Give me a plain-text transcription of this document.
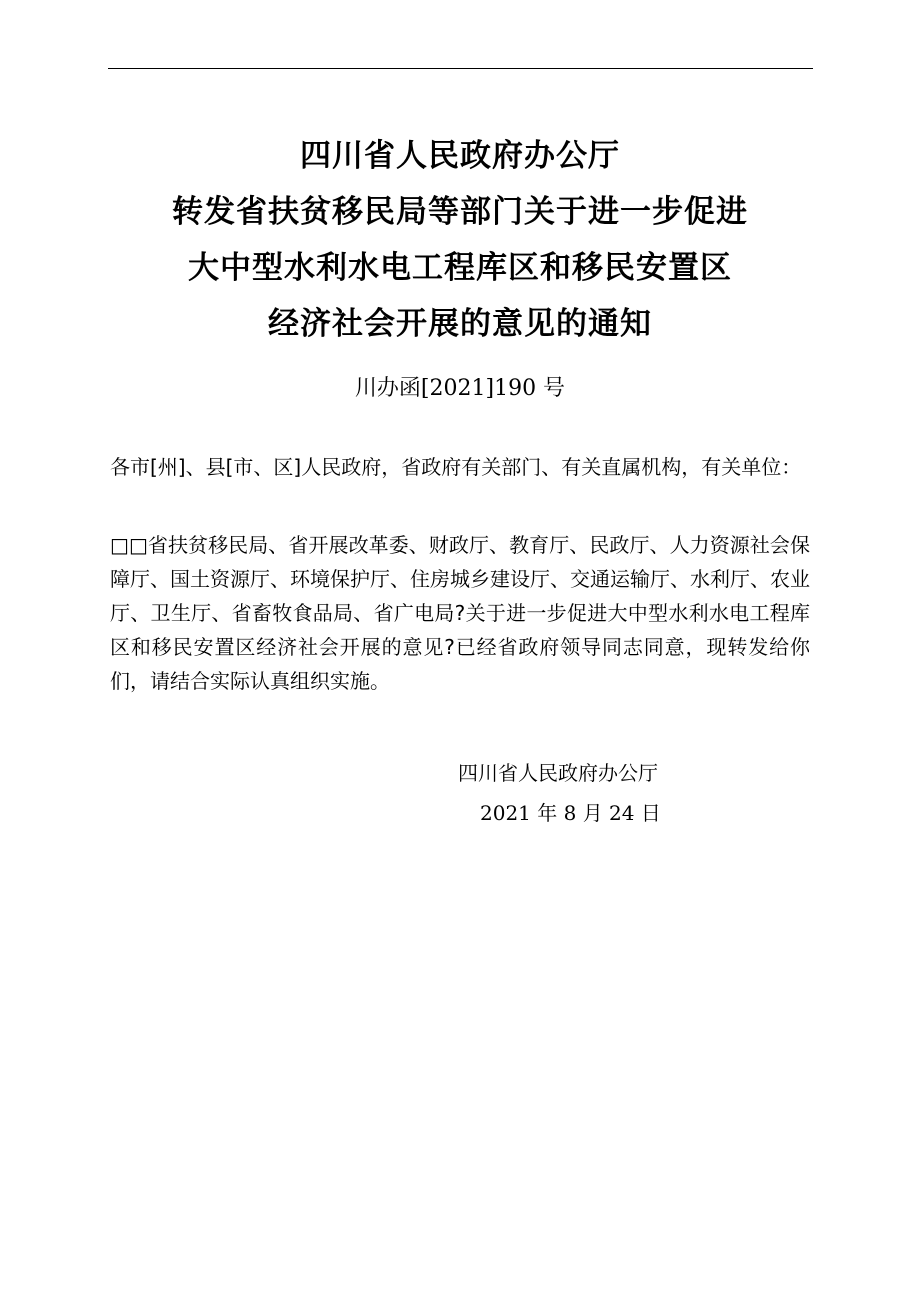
四川省人民政府办公厅
转发省扶贫移民局等部门关于进一步促进
大中型水利水电工程库区和移民安置区
经济社会开展的意见的通知
川办函[2021]190 号

各市[州]、县[市、区]人民政府，省政府有关部门、有关直属机构，有关单位：

□□省扶贫移民局、省开展改革委、财政厅、教育厅、民政厅、人力资源社会保障厅、国土资源厅、环境保护厅、住房城乡建设厅、交通运输厅、水利厅、农业厅、卫生厅、省畜牧食品局、省广电局?关于进一步促进大中型水利水电工程库区和移民安置区经济社会开展的意见?已经省政府领导同志同意，现转发给你们，请结合实际认真组织实施。

四川省人民政府办公厅
2021 年 8 月 24 日
